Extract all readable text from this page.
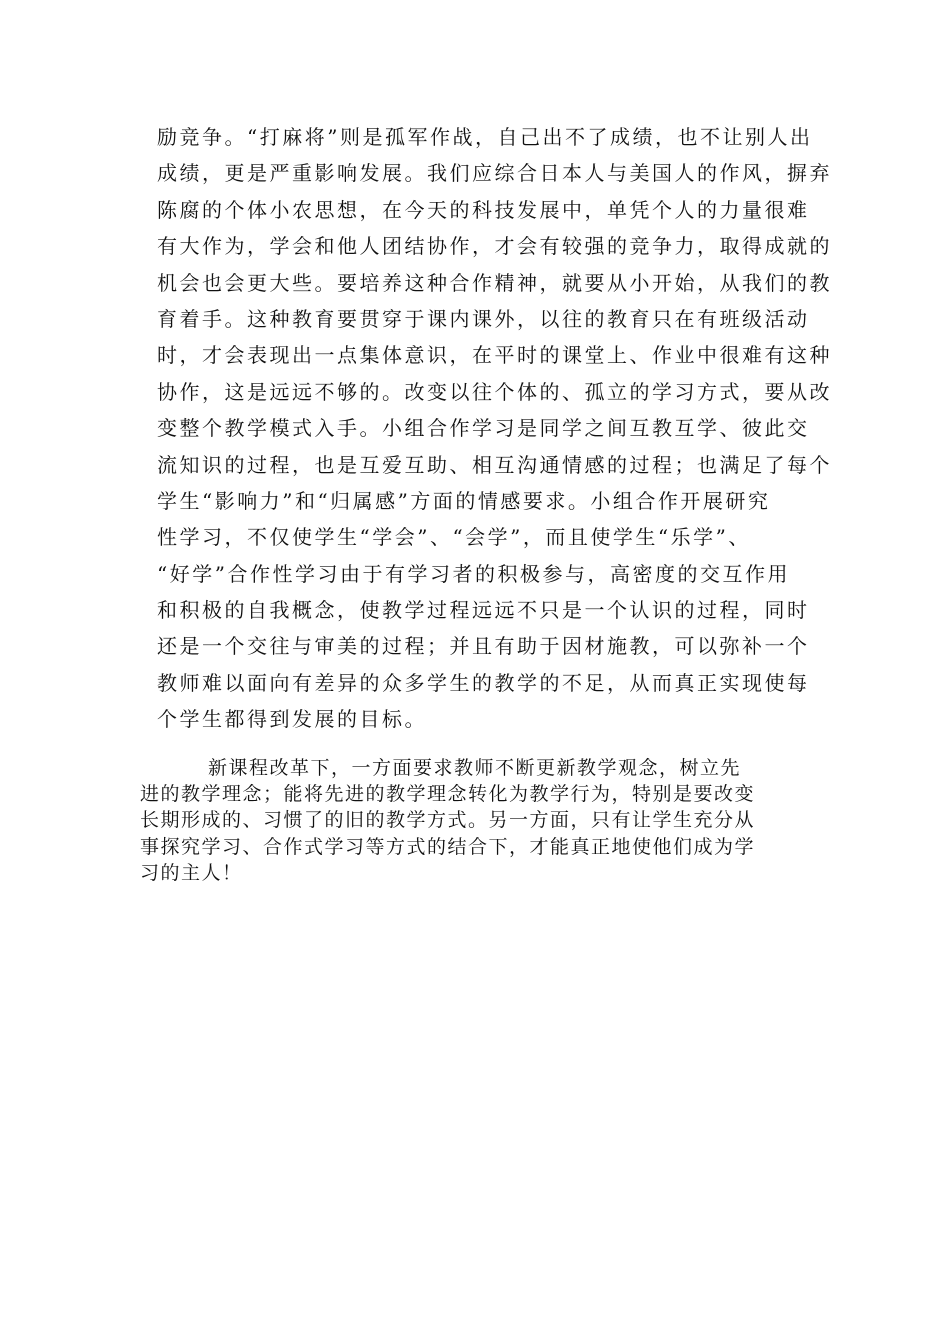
励竞争。“打麻将”则是孤军作战，自己出不了成绩，也不让别人出
成绩，更是严重影响发展。我们应综合日本人与美国人的作风，摒弃
陈腐的个体小农思想，在今天的科技发展中，单凭个人的力量很难
有大作为，学会和他人团结协作，才会有较强的竞争力，取得成就的
机会也会更大些。要培养这种合作精神，就要从小开始，从我们的教
育着手。这种教育要贯穿于课内课外，以往的教育只在有班级活动
时，才会表现出一点集体意识，在平时的课堂上、作业中很难有这种
协作，这是远远不够的。改变以往个体的、孤立的学习方式，要从改
变整个教学模式入手。小组合作学习是同学之间互教互学、彼此交
流知识的过程，也是互爱互助、相互沟通情感的过程；也满足了每个
学生“影响力”和“归属感”方面的情感要求。小组合作开展研究
性学习，不仅使学生“学会”、“会学”，而且使学生“乐学”、
“好学”合作性学习由于有学习者的积极参与，高密度的交互作用
和积极的自我概念，使教学过程远远不只是一个认识的过程，同时
还是一个交往与审美的过程；并且有助于因材施教，可以弥补一个
教师难以面向有差异的众多学生的教学的不足，从而真正实现使每
个学生都得到发展的目标。
新课程改革下，一方面要求教师不断更新教学观念，树立先
进的教学理念；能将先进的教学理念转化为教学行为，特别是要改变
长期形成的、习惯了的旧的教学方式。另一方面，只有让学生充分从
事探究学习、合作式学习等方式的结合下，才能真正地使他们成为学
习的主人！
